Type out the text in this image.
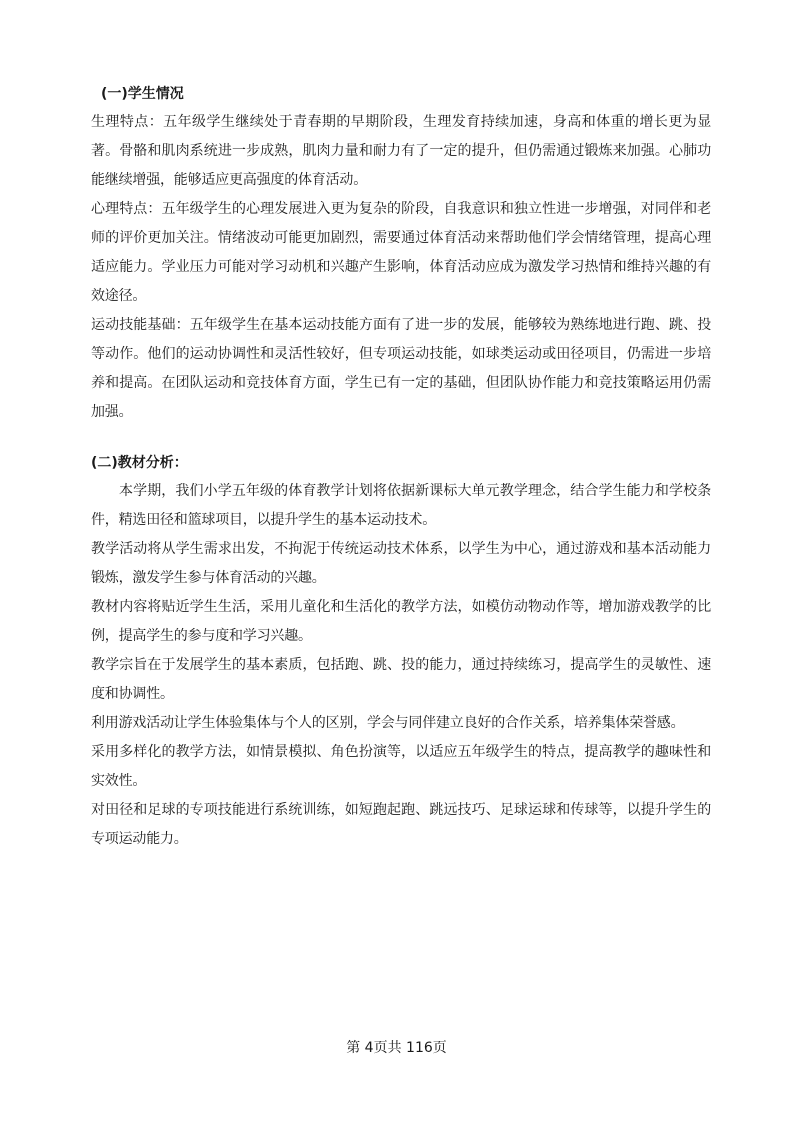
(一)学生情况

生理特点：五年级学生继续处于青春期的早期阶段，生理发育持续加速，身高和体重的增长更为显著。骨骼和肌肉系统进一步成熟，肌肉力量和耐力有了一定的提升，但仍需通过锻炼来加强。心肺功能继续增强，能够适应更高强度的体育活动。

心理特点：五年级学生的心理发展进入更为复杂的阶段，自我意识和独立性进一步增强，对同伴和老师的评价更加关注。情绪波动可能更加剧烈，需要通过体育活动来帮助他们学会情绪管理，提高心理适应能力。学业压力可能对学习动机和兴趣产生影响，体育活动应成为激发学习热情和维持兴趣的有效途径。

运动技能基础：五年级学生在基本运动技能方面有了进一步的发展，能够较为熟练地进行跑、跳、投等动作。他们的运动协调性和灵活性较好，但专项运动技能，如球类运动或田径项目，仍需进一步培养和提高。在团队运动和竞技体育方面，学生已有一定的基础，但团队协作能力和竞技策略运用仍需加强。

(二)教材分析：

本学期，我们小学五年级的体育教学计划将依据新课标大单元教学理念，结合学生能力和学校条件，精选田径和篮球项目，以提升学生的基本运动技术。

教学活动将从学生需求出发，不拘泥于传统运动技术体系，以学生为中心，通过游戏和基本活动能力锻炼，激发学生参与体育活动的兴趣。

教材内容将贴近学生生活，采用儿童化和生活化的教学方法，如模仿动物动作等，增加游戏教学的比例，提高学生的参与度和学习兴趣。

教学宗旨在于发展学生的基本素质，包括跑、跳、投的能力，通过持续练习，提高学生的灵敏性、速度和协调性。

利用游戏活动让学生体验集体与个人的区别，学会与同伴建立良好的合作关系，培养集体荣誉感。

采用多样化的教学方法，如情景模拟、角色扮演等，以适应五年级学生的特点，提高教学的趣味性和实效性。

对田径和足球的专项技能进行系统训练，如短跑起跑、跳远技巧、足球运球和传球等，以提升学生的专项运动能力。

第 4页共 116页
